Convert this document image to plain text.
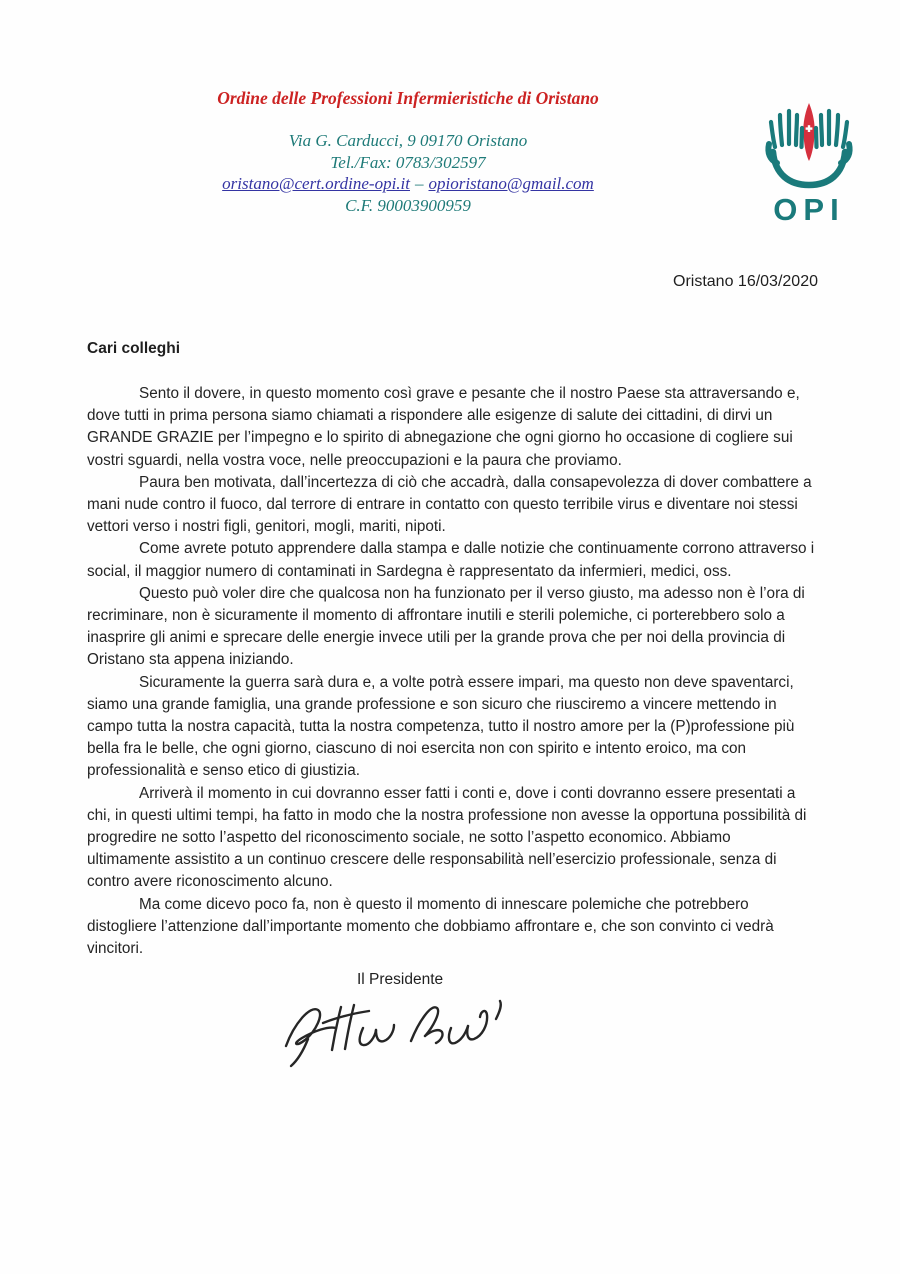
Ordine delle Professioni Infermieristiche di Oristano
Via G. Carducci, 9 09170 Oristano
Tel./Fax: 0783/302597
oristano@cert.ordine-opi.it – opioristano@gmail.com
C.F. 90003900959	OPI
Oristano 16/03/2020
Cari colleghi

Sento il dovere, in questo momento così grave e pesante che il nostro Paese sta attraversando e, dove tutti in prima persona siamo chiamati a rispondere alle esigenze di salute dei cittadini, di dirvi un GRANDE GRAZIE per l’impegno e lo spirito di abnegazione che ogni giorno ho occasione di cogliere sui vostri sguardi, nella vostra voce, nelle preoccupazioni e la paura che proviamo.

Paura ben motivata, dall’incertezza di ciò che accadrà, dalla consapevolezza di dover combattere a mani nude contro il fuoco, dal terrore di entrare in contatto con questo terribile virus e diventare noi stessi vettori verso i nostri figli, genitori, mogli, mariti, nipoti.

Come avrete potuto apprendere dalla stampa e dalle notizie che continuamente corrono attraverso i social, il maggior numero di contaminati in Sardegna è rappresentato da infermieri, medici, oss.

Questo può voler dire che qualcosa non ha funzionato per il verso giusto, ma adesso non è l’ora di recriminare, non è sicuramente il momento di affrontare inutili e sterili polemiche, ci porterebbero solo a inasprire gli animi e sprecare delle energie invece utili per la grande prova che per noi della provincia di Oristano sta appena iniziando.

Sicuramente la guerra sarà dura e, a volte potrà essere impari, ma questo non deve spaventarci, siamo una grande famiglia, una grande professione e son sicuro che riusciremo a vincere mettendo in campo tutta la nostra capacità, tutta la nostra competenza, tutto il nostro amore per la (P)professione più bella fra le belle, che ogni giorno, ciascuno di noi esercita non con spirito e intento eroico, ma con professionalità e senso etico di giustizia.

Arriverà il momento in cui dovranno esser fatti i conti e, dove i conti dovranno essere presentati a chi, in questi ultimi tempi, ha fatto in modo che la nostra professione non avesse la opportuna possibilità di progredire ne sotto l’aspetto del riconoscimento sociale, ne sotto l’aspetto economico. Abbiamo ultimamente assistito a un continuo crescere delle responsabilità nell’esercizio professionale, senza di contro avere riconoscimento alcuno.

Ma come dicevo poco fa, non è questo il momento di innescare polemiche che potrebbero distogliere l’attenzione dall’importante momento che dobbiamo affrontare e, che son convinto ci vedrà vincitori.

Il Presidente
